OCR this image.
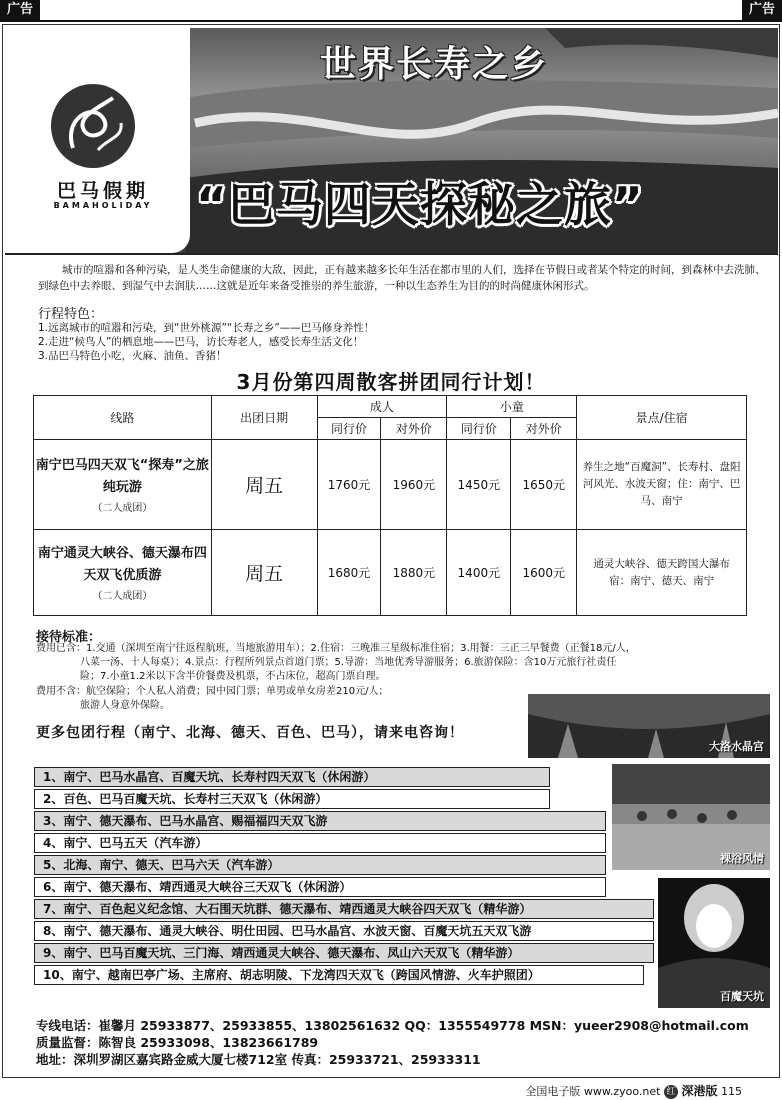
广告	广告
巴马假期
BAMAHOLIDAY
世界长寿之乡
“巴马四天探秘之旅”
城市的喧嚣和各种污染，是人类生命健康的大敌，因此，正有越来越多长年生活在都市里的人们，选择在节假日或者某个特定的时间，到森林中去洗肺、到绿色中去养眼、到湿气中去润肤……这就是近年来备受推崇的养生旅游，一种以生态养生为目的的时尚健康休闲形式。
行程特色：
1.远离城市的喧嚣和污染，到“世外桃源”“长寿之乡”——巴马修身养性！
2.走进“候鸟人”的栖息地——巴马，访长寿老人，感受长寿生活文化！
3.品巴马特色小吃，火麻、油鱼、香猪！
3月份第四周散客拼团同行计划！
线路	出团日期	成人		小童		景点/住宿
		同行价	对外价	同行价	对外价	

南宁巴马四天双飞“探寿”之旅纯玩游
（二人成团）	周五	1760元	1960元	1450元	1650元	养生之地“百魔洞”、长寿村、盘阳河风光、水波天窗；住：南宁、巴马、南宁

南宁通灵大峡谷、德天瀑布四天双飞优质游
（二人成团）	周五	1680元	1880元	1400元	1600元	通灵大峡谷、德天跨国大瀑布 宿：南宁、德天、南宁
接待标准：
费用已含：1.交通（深圳至南宁往返程航班，当地旅游用车）；2.住宿：三晚准三星级标准住宿；3.用餐：三正三早餐费（正餐18元/人，
八菜一汤、十人每桌）；4.景点：行程所列景点首道门票；5.导游：当地优秀导游服务；6.旅游保险：含10万元旅行社责任
险；7.小童1.2米以下含半价餐费及机票，不占床位，超高门票自理。
费用不含：航空保险；个人私人消费；园中园门票；单男或单女房差210元/人；
旅游人身意外保险。
更多包团行程（南宁、北海、德天、百色、巴马），请来电咨询！
大洛水晶宫
裸浴风情
百魔天坑
1、南宁、巴马水晶宫、百魔天坑、长寿村四天双飞（休闲游）
2、百色、巴马百魔天坑、长寿村三天双飞（休闲游）
3、南宁、德天瀑布、巴马水晶宫、赐福福四天双飞游
4、南宁、巴马五天（汽车游）
5、北海、南宁、德天、巴马六天（汽车游）
6、南宁、德天瀑布、靖西通灵大峡谷三天双飞（休闲游）
7、南宁、百色起义纪念馆、大石围天坑群、德天瀑布、靖西通灵大峡谷四天双飞（精华游）
8、南宁、德天瀑布、通灵大峡谷、明仕田园、巴马水晶宫、水波天窗、百魔天坑五天双飞游
9、南宁、巴马百魔天坑、三门海、靖西通灵大峡谷、德天瀑布、凤山六天双飞（精华游）
10、南宁、越南巴亭广场、主席府、胡志明陵、下龙湾四天双飞（跨国风情游、火车护照团）
专线电话：崔馨月 25933877、25933855、13802561632 QQ：1355549778 MSN：yueer2908@hotmail.com
质量监督：陈智良 25933098、13823661789
地址：深圳罗湖区嘉宾路金威大厦七楼712室 传真：25933721、25933311
全国电子版 www.zyoo.net 红 深港版 115
